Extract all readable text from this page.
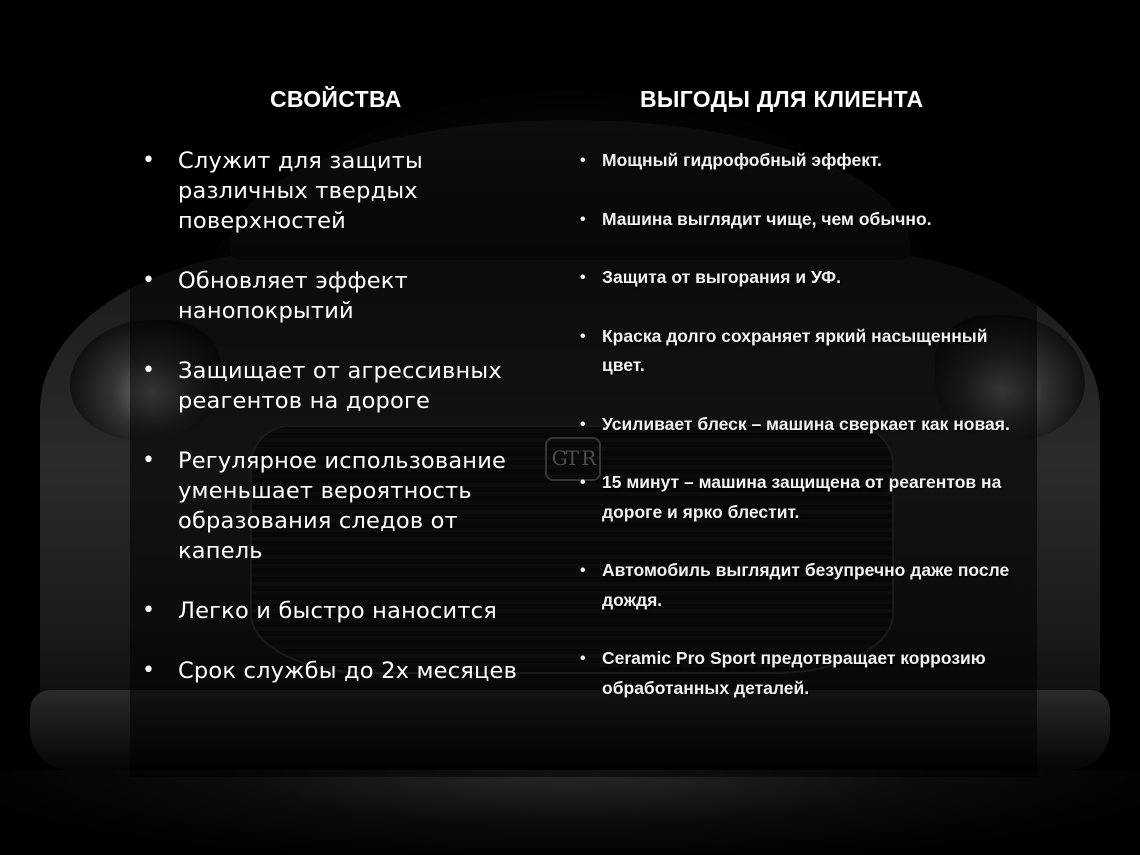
СВОЙСТВА	ВЫГОДЫ ДЛЯ КЛИЕНТА
• Служит для защиты различных твердых поверхностей
• Обновляет эффект нанопокрытий
• Защищает от агрессивных реагентов на дороге
• Регулярное использование уменьшает вероятность образования следов от капель
• Легко и быстро наносится
• Срок службы до 2х месяцев
• Мощный гидрофобный эффект.
• Машина выглядит чище, чем обычно.
• Защита от выгорания и УФ.
• Краска долго сохраняет яркий насыщенный цвет.
• Усиливает блеск – машина сверкает как новая.
• 15 минут – машина защищена от реагентов на дороге и ярко блестит.
• Автомобиль выглядит безупречно даже после дождя.
• Ceramic Pro Sport предотвращает коррозию обработанных деталей.
